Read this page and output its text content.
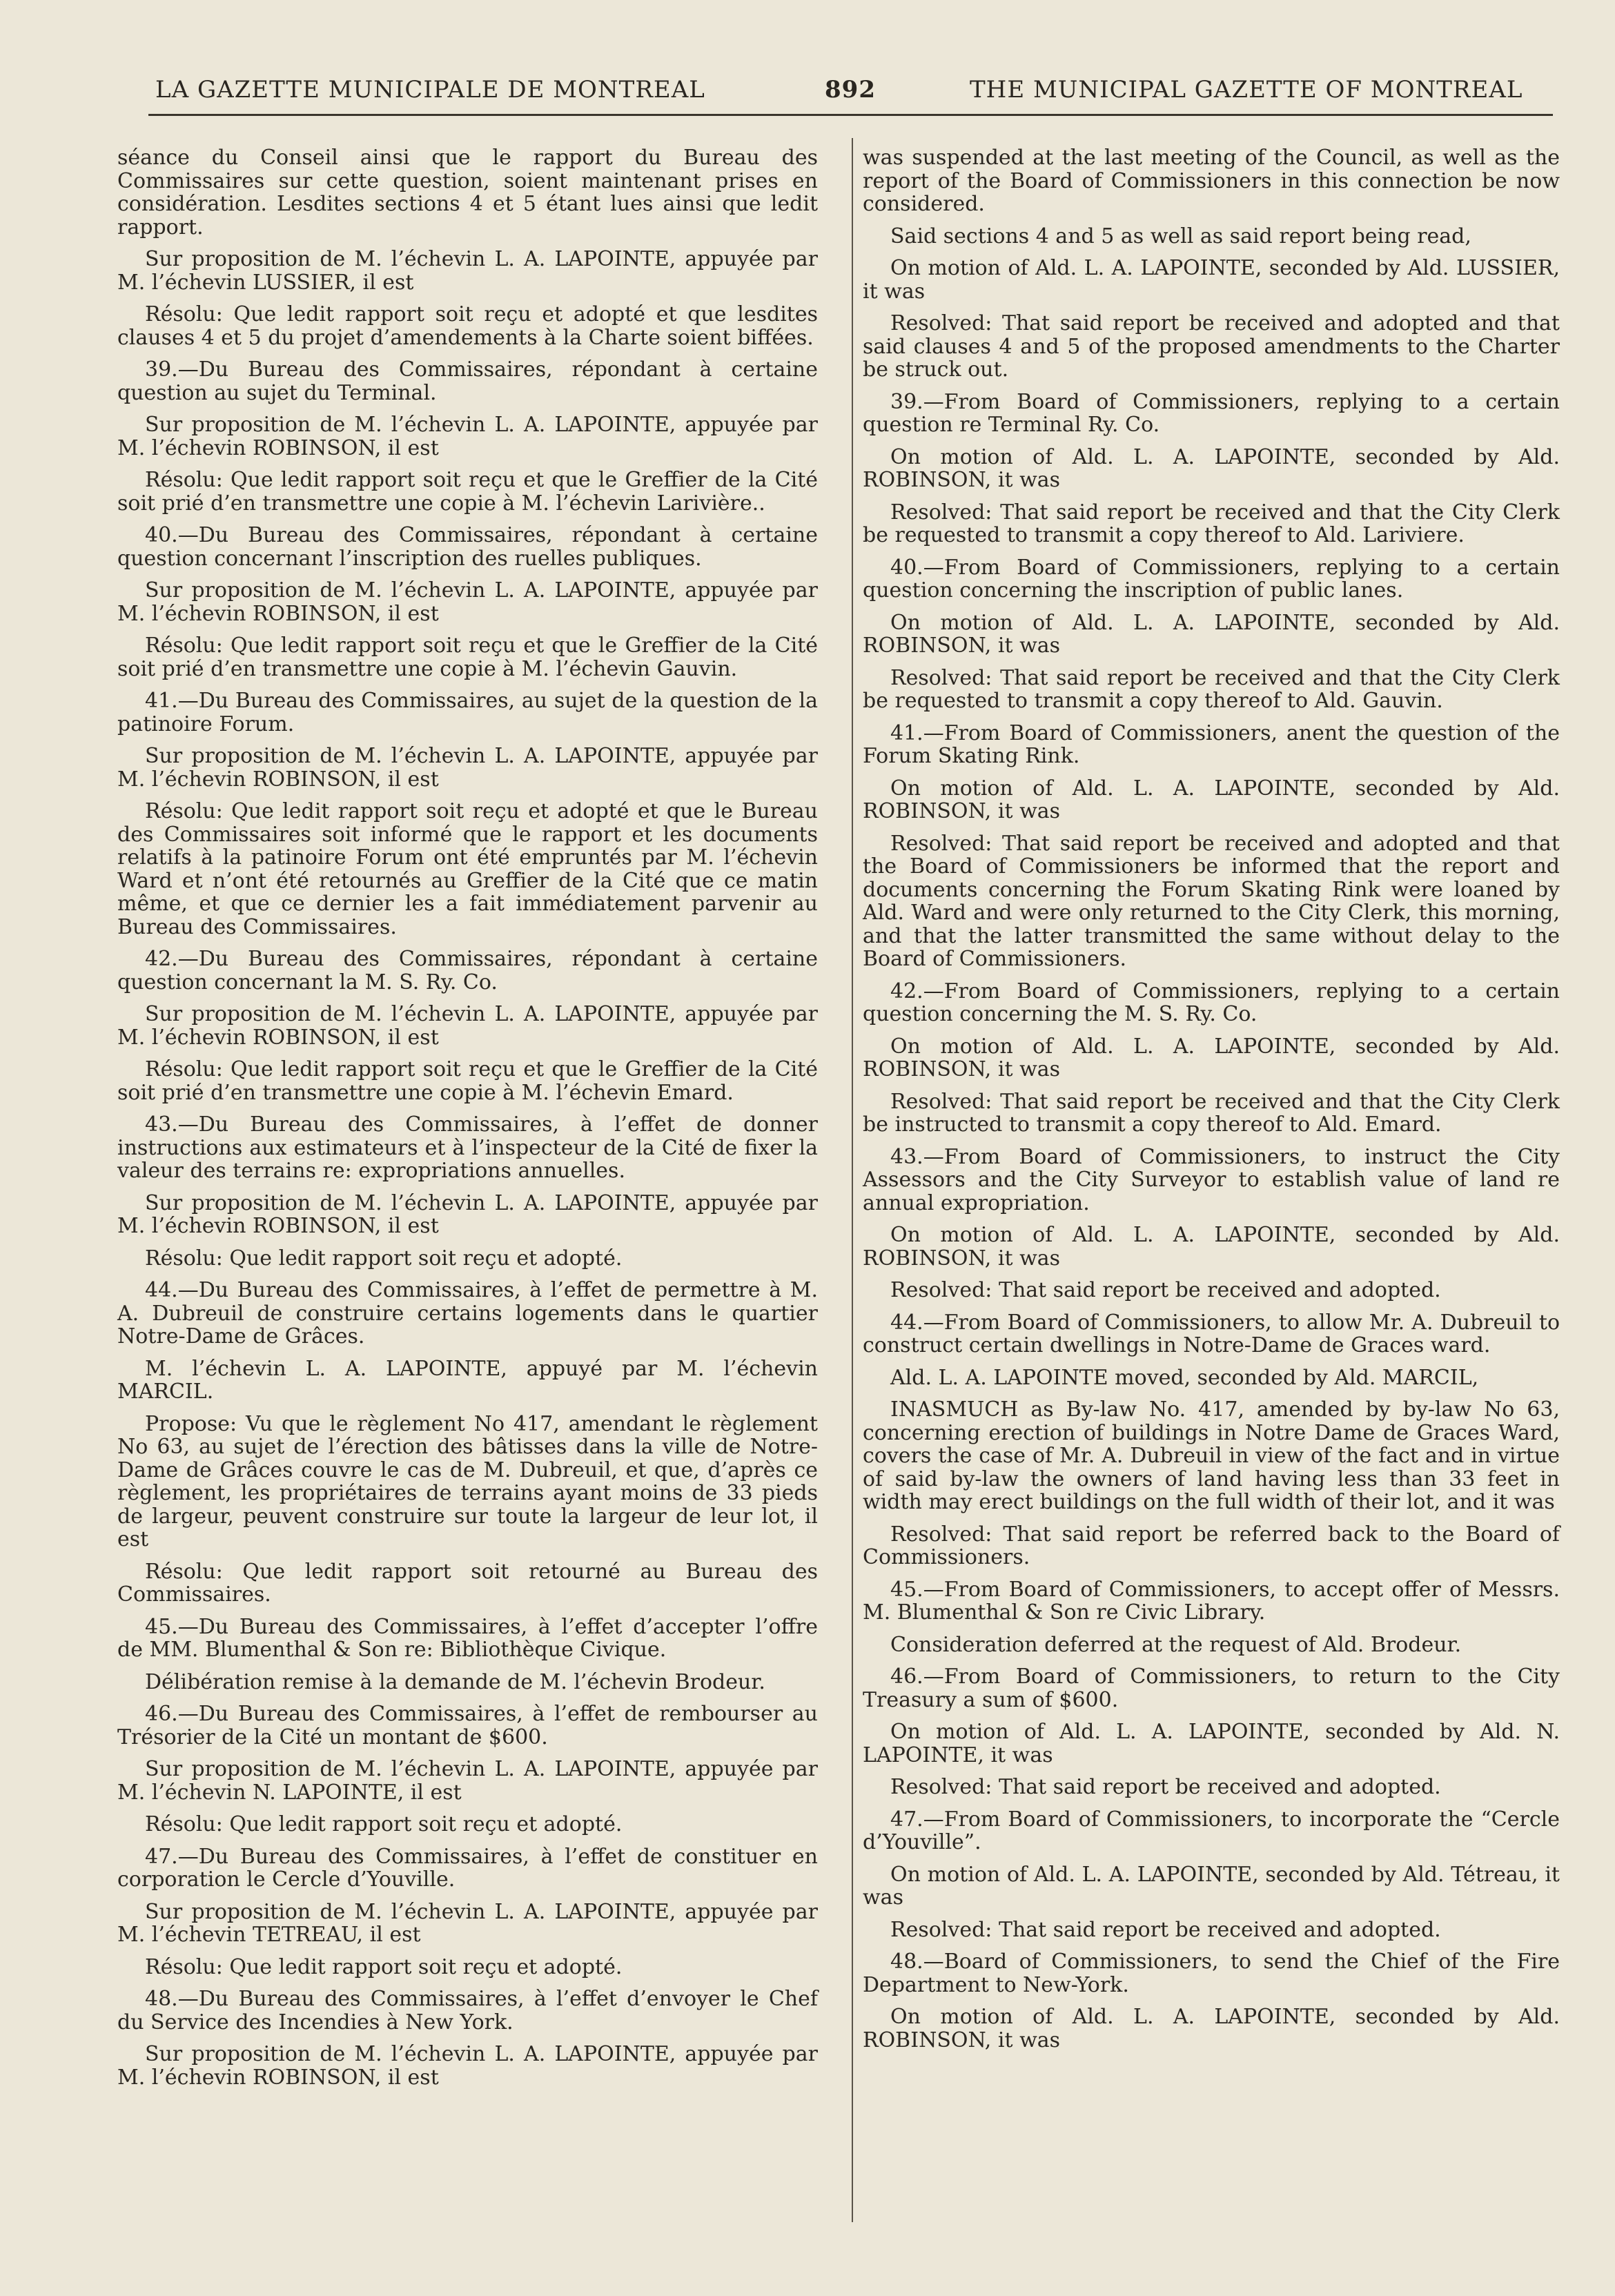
LA GAZETTE MUNICIPALE DE MONTREAL	892	THE MUNICIPAL GAZETTE OF MONTREAL

séance du Conseil ainsi que le rapport du Bureau des Commissaires sur cette question, soient maintenant prises en considération. Lesdites sections 4 et 5 étant lues ainsi que ledit rapport.

Sur proposition de M. l’échevin L. A. LAPOINTE, appuyée par M. l’échevin LUSSIER, il est

Résolu: Que ledit rapport soit reçu et adopté et que lesdites clauses 4 et 5 du projet d’amendements à la Charte soient biffées.

39.—Du Bureau des Commissaires, répondant à certaine question au sujet du Terminal.

Sur proposition de M. l’échevin L. A. LAPOINTE, appuyée par M. l’échevin ROBINSON, il est

Résolu: Que ledit rapport soit reçu et que le Greffier de la Cité soit prié d’en transmettre une copie à M. l’échevin Larivière..

40.—Du Bureau des Commissaires, répondant à certaine question concernant l’inscription des ruelles publiques.

Sur proposition de M. l’échevin L. A. LAPOINTE, appuyée par M. l’échevin ROBINSON, il est

Résolu: Que ledit rapport soit reçu et que le Greffier de la Cité soit prié d’en transmettre une copie à M. l’échevin Gauvin.

41.—Du Bureau des Commissaires, au sujet de la question de la patinoire Forum.

Sur proposition de M. l’échevin L. A. LAPOINTE, appuyée par M. l’échevin ROBINSON, il est

Résolu: Que ledit rapport soit reçu et adopté et que le Bureau des Commissaires soit informé que le rapport et les documents relatifs à la patinoire Forum ont été empruntés par M. l’échevin Ward et n’ont été retournés au Greffier de la Cité que ce matin même, et que ce dernier les a fait immédiatement parvenir au Bureau des Commissaires.

42.—Du Bureau des Commissaires, répondant à certaine question concernant la M. S. Ry. Co.

Sur proposition de M. l’échevin L. A. LAPOINTE, appuyée par M. l’échevin ROBINSON, il est

Résolu: Que ledit rapport soit reçu et que le Greffier de la Cité soit prié d’en transmettre une copie à M. l’échevin Emard.

43.—Du Bureau des Commissaires, à l’effet de donner instructions aux estimateurs et à l’inspecteur de la Cité de fixer la valeur des terrains re: expropriations annuelles.

Sur proposition de M. l’échevin L. A. LAPOINTE, appuyée par M. l’échevin ROBINSON, il est

Résolu: Que ledit rapport soit reçu et adopté.

44.—Du Bureau des Commissaires, à l’effet de permettre à M. A. Dubreuil de construire certains logements dans le quartier Notre-Dame de Grâces.

M. l’échevin L. A. LAPOINTE, appuyé par M. l’échevin MARCIL.

Propose: Vu que le règlement No 417, amendant le règlement No 63, au sujet de l’érection des bâtisses dans la ville de Notre-Dame de Grâces couvre le cas de M. Dubreuil, et que, d’après ce règlement, les propriétaires de terrains ayant moins de 33 pieds de largeur, peuvent construire sur toute la largeur de leur lot, il est

Résolu: Que ledit rapport soit retourné au Bureau des Commissaires.

45.—Du Bureau des Commissaires, à l’effet d’accepter l’offre de MM. Blumenthal & Son re: Bibliothèque Civique.

Délibération remise à la demande de M. l’échevin Brodeur.

46.—Du Bureau des Commissaires, à l’effet de rembourser au Trésorier de la Cité un montant de $600.

Sur proposition de M. l’échevin L. A. LAPOINTE, appuyée par M. l’échevin N. LAPOINTE, il est

Résolu: Que ledit rapport soit reçu et adopté.

47.—Du Bureau des Commissaires, à l’effet de constituer en corporation le Cercle d’Youville.

Sur proposition de M. l’échevin L. A. LAPOINTE, appuyée par M. l’échevin TETREAU, il est

Résolu: Que ledit rapport soit reçu et adopté.

48.—Du Bureau des Commissaires, à l’effet d’envoyer le Chef du Service des Incendies à New York.

Sur proposition de M. l’échevin L. A. LAPOINTE, appuyée par M. l’échevin ROBINSON, il est

was suspended at the last meeting of the Council, as well as the report of the Board of Commissioners in this connection be now considered.

Said sections 4 and 5 as well as said report being read,

On motion of Ald. L. A. LAPOINTE, seconded by Ald. LUSSIER, it was

Resolved: That said report be received and adopted and that said clauses 4 and 5 of the proposed amendments to the Charter be struck out.

39.—From Board of Commissioners, replying to a certain question re Terminal Ry. Co.

On motion of Ald. L. A. LAPOINTE, seconded by Ald. ROBINSON, it was

Resolved: That said report be received and that the City Clerk be requested to transmit a copy thereof to Ald. Lariviere.

40.—From Board of Commissioners, replying to a certain question concerning the inscription of public lanes.

On motion of Ald. L. A. LAPOINTE, seconded by Ald. ROBINSON, it was

Resolved: That said report be received and that the City Clerk be requested to transmit a copy thereof to Ald. Gauvin.

41.—From Board of Commissioners, anent the question of the Forum Skating Rink.

On motion of Ald. L. A. LAPOINTE, seconded by Ald. ROBINSON, it was

Resolved: That said report be received and adopted and that the Board of Commissioners be informed that the report and documents concerning the Forum Skating Rink were loaned by Ald. Ward and were only returned to the City Clerk, this morning, and that the latter transmitted the same without delay to the Board of Commissioners.

42.—From Board of Commissioners, replying to a certain question concerning the M. S. Ry. Co.

On motion of Ald. L. A. LAPOINTE, seconded by Ald. ROBINSON, it was

Resolved: That said report be received and that the City Clerk be instructed to transmit a copy thereof to Ald. Emard.

43.—From Board of Commissioners, to instruct the City Assessors and the City Surveyor to establish value of land re annual expropriation.

On motion of Ald. L. A. LAPOINTE, seconded by Ald. ROBINSON, it was

Resolved: That said report be received and adopted.

44.—From Board of Commissioners, to allow Mr. A. Dubreuil to construct certain dwellings in Notre-Dame de Graces ward.

Ald. L. A. LAPOINTE moved, seconded by Ald. MARCIL,

INASMUCH as By-law No. 417, amended by by-law No 63, concerning erection of buildings in Notre Dame de Graces Ward, covers the case of Mr. A. Dubreuil in view of the fact and in virtue of said by-law the owners of land having less than 33 feet in width may erect buildings on the full width of their lot, and it was

Resolved: That said report be referred back to the Board of Commissioners.

45.—From Board of Commissioners, to accept offer of Messrs. M. Blumenthal & Son re Civic Library.

Consideration deferred at the request of Ald. Brodeur.

46.—From Board of Commissioners, to return to the City Treasury a sum of $600.

On motion of Ald. L. A. LAPOINTE, seconded by Ald. N. LAPOINTE, it was

Resolved: That said report be received and adopted.

47.—From Board of Commissioners, to incorporate the “Cercle d’Youville”.

On motion of Ald. L. A. LAPOINTE, seconded by Ald. Tétreau, it was

Resolved: That said report be received and adopted.

48.—Board of Commissioners, to send the Chief of the Fire Department to New-York.

On motion of Ald. L. A. LAPOINTE, seconded by Ald. ROBINSON, it was
